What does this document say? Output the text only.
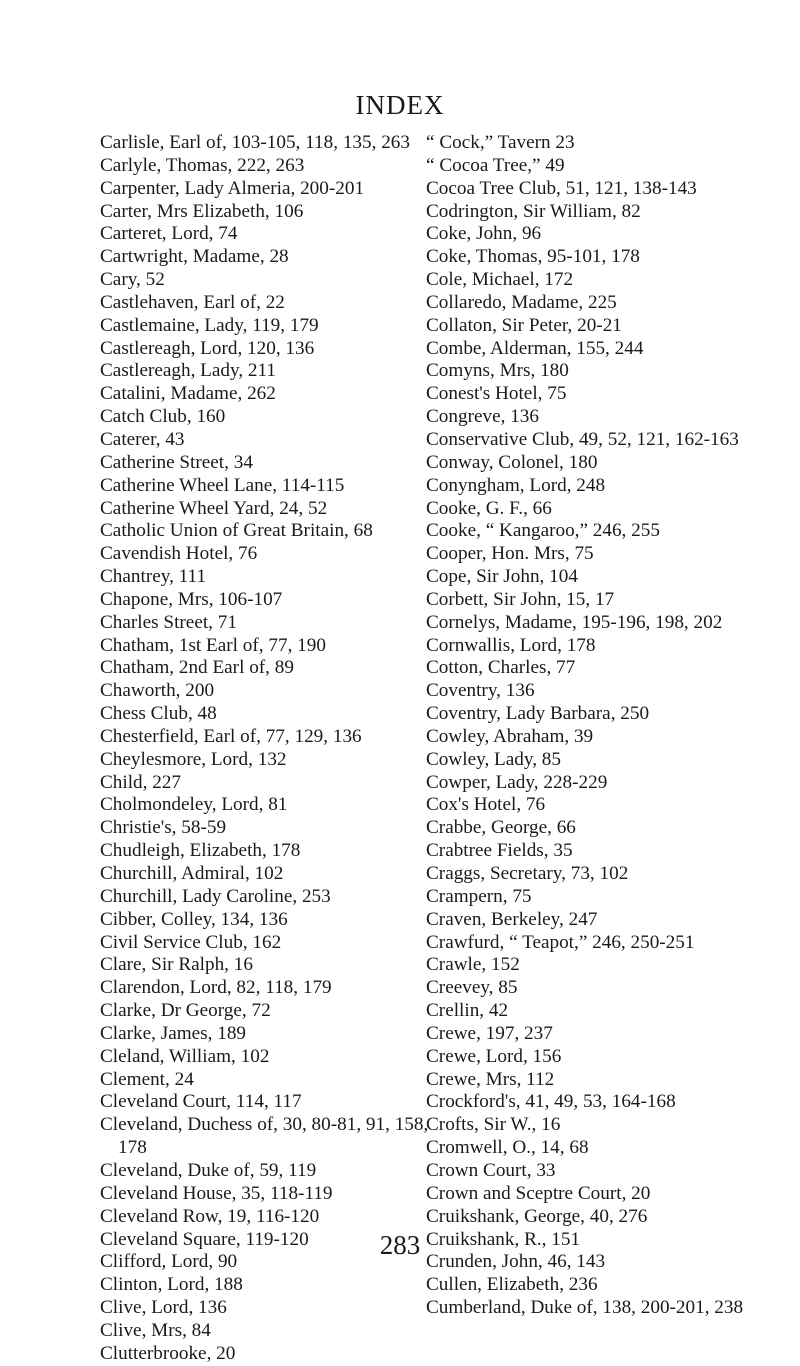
INDEX
Carlisle, Earl of, 103-105, 118, 135, 263
Carlyle, Thomas, 222, 263
Carpenter, Lady Almeria, 200-201
Carter, Mrs Elizabeth, 106
Carteret, Lord, 74
Cartwright, Madame, 28
Cary, 52
Castlehaven, Earl of, 22
Castlemaine, Lady, 119, 179
Castlereagh, Lord, 120, 136
Castlereagh, Lady, 211
Catalini, Madame, 262
Catch Club, 160
Caterer, 43
Catherine Street, 34
Catherine Wheel Lane, 114-115
Catherine Wheel Yard, 24, 52
Catholic Union of Great Britain, 68
Cavendish Hotel, 76
Chantrey, 111
Chapone, Mrs, 106-107
Charles Street, 71
Chatham, 1st Earl of, 77, 190
Chatham, 2nd Earl of, 89
Chaworth, 200
Chess Club, 48
Chesterfield, Earl of, 77, 129, 136
Cheylesmore, Lord, 132
Child, 227
Cholmondeley, Lord, 81
Christie's, 58-59
Chudleigh, Elizabeth, 178
Churchill, Admiral, 102
Churchill, Lady Caroline, 253
Cibber, Colley, 134, 136
Civil Service Club, 162
Clare, Sir Ralph, 16
Clarendon, Lord, 82, 118, 179
Clarke, Dr George, 72
Clarke, James, 189
Cleland, William, 102
Clement, 24
Cleveland Court, 114, 117
Cleveland, Duchess of, 30, 80-81, 91, 158, 178
Cleveland, Duke of, 59, 119
Cleveland House, 35, 118-119
Cleveland Row, 19, 116-120
Cleveland Square, 119-120
Clifford, Lord, 90
Clinton, Lord, 188
Clive, Lord, 136
Clive, Mrs, 84
Clutterbrooke, 20
“ Cock,” Tavern 23
“ Cocoa Tree,” 49
Cocoa Tree Club, 51, 121, 138-143
Codrington, Sir William, 82
Coke, John, 96
Coke, Thomas, 95-101, 178
Cole, Michael, 172
Collaredo, Madame, 225
Collaton, Sir Peter, 20-21
Combe, Alderman, 155, 244
Comyns, Mrs, 180
Conest's Hotel, 75
Congreve, 136
Conservative Club, 49, 52, 121, 162-163
Conway, Colonel, 180
Conyngham, Lord, 248
Cooke, G. F., 66
Cooke, “ Kangaroo,” 246, 255
Cooper, Hon. Mrs, 75
Cope, Sir John, 104
Corbett, Sir John, 15, 17
Cornelys, Madame, 195-196, 198, 202
Cornwallis, Lord, 178
Cotton, Charles, 77
Coventry, 136
Coventry, Lady Barbara, 250
Cowley, Abraham, 39
Cowley, Lady, 85
Cowper, Lady, 228-229
Cox's Hotel, 76
Crabbe, George, 66
Crabtree Fields, 35
Craggs, Secretary, 73, 102
Crampern, 75
Craven, Berkeley, 247
Crawfurd, “ Teapot,” 246, 250-251
Crawle, 152
Creevey, 85
Crellin, 42
Crewe, 197, 237
Crewe, Lord, 156
Crewe, Mrs, 112
Crockford's, 41, 49, 53, 164-168
Crofts, Sir W., 16
Cromwell, O., 14, 68
Crown Court, 33
Crown and Sceptre Court, 20
Cruikshank, George, 40, 276
Cruikshank, R., 151
Crunden, John, 46, 143
Cullen, Elizabeth, 236
Cumberland, Duke of, 138, 200-201, 238
283
